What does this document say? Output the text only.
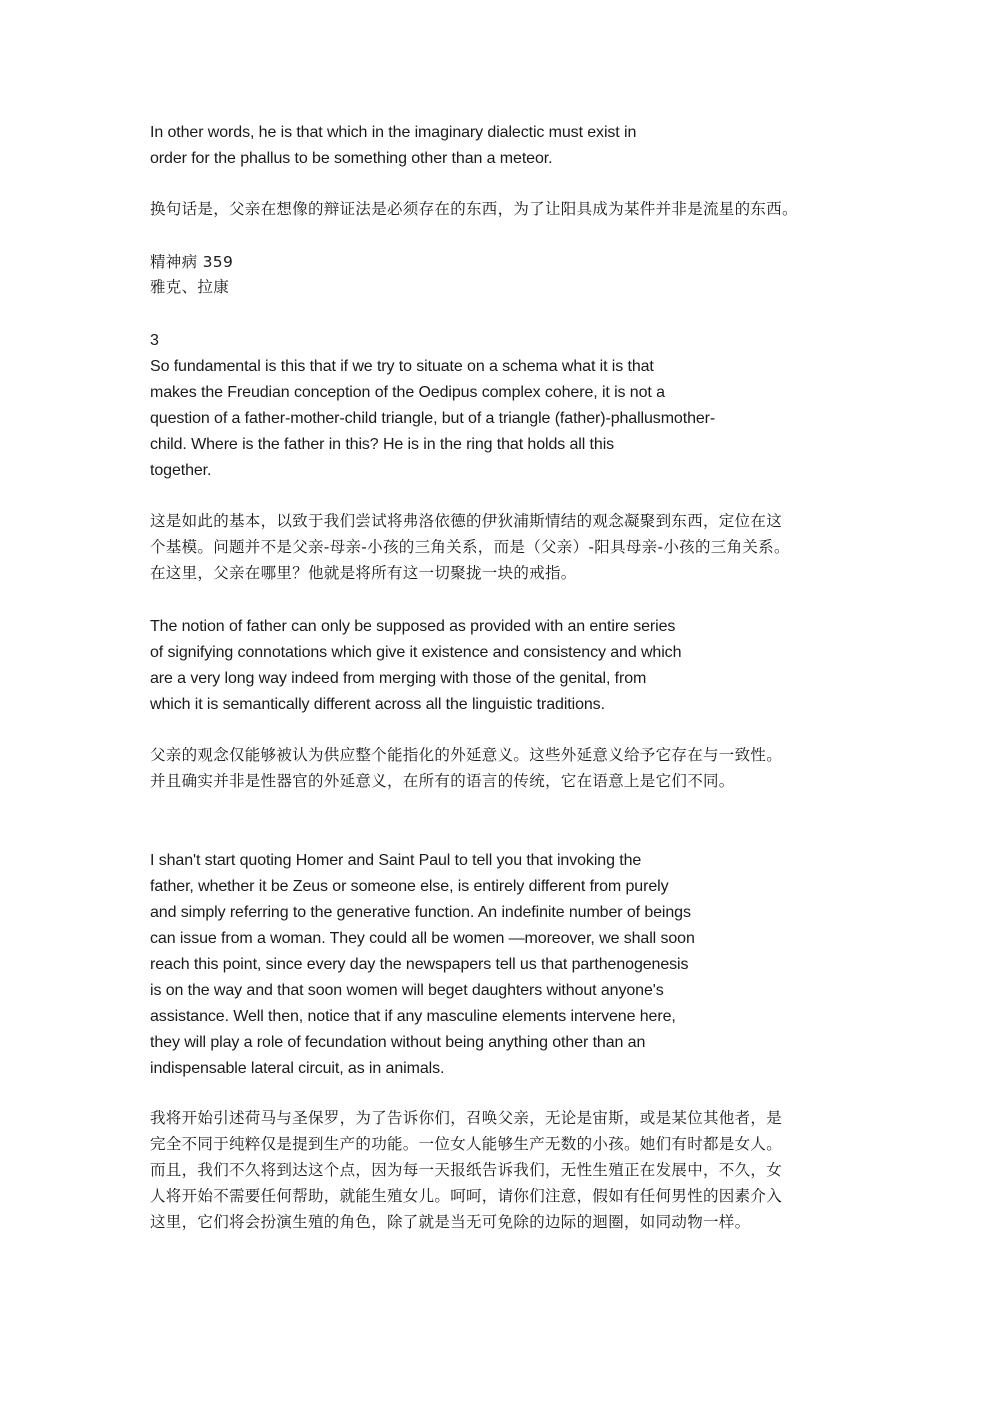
In other words, he is that which in the imaginary dialectic must exist in

order for the phallus to be something other than a meteor.

换句话是，父亲在想像的辩证法是必须存在的东西，为了让阳具成为某件并非是流星的东西。

精神病 359

雅克、拉康

3

So fundamental is this that if we try to situate on a schema what it is that

makes the Freudian conception of the Oedipus complex cohere, it is not a

question of a father-mother-child triangle, but of a triangle (father)-phallusmother-

child. Where is the father in this? He is in the ring that holds all this

together.

这是如此的基本，以致于我们尝试将弗洛依德的伊狄浦斯情结的观念凝聚到东西，定位在这

个基模。问题并不是父亲-母亲-小孩的三角关系，而是（父亲）-阳具母亲-小孩的三角关系。

在这里，父亲在哪里？他就是将所有这一切聚拢一块的戒指。

The notion of father can only be supposed as provided with an entire series

of signifying connotations which give it existence and consistency and which

are a very long way indeed from merging with those of the genital, from

which it is semantically different across all the linguistic traditions.

父亲的观念仅能够被认为供应整个能指化的外延意义。这些外延意义给予它存在与一致性。

并且确实并非是性器官的外延意义，在所有的语言的传统，它在语意上是它们不同。

I shan't start quoting Homer and Saint Paul to tell you that invoking the

father, whether it be Zeus or someone else, is entirely different from purely

and simply referring to the generative function. An indefinite number of beings

can issue from a woman. They could all be women —moreover, we shall soon

reach this point, since every day the newspapers tell us that parthenogenesis

is on the way and that soon women will beget daughters without anyone's

assistance. Well then, notice that if any masculine elements intervene here,

they will play a role of fecundation without being anything other than an

indispensable lateral circuit, as in animals.

我将开始引述荷马与圣保罗，为了告诉你们，召唤父亲，无论是宙斯，或是某位其他者，是

完全不同于纯粹仅是提到生产的功能。一位女人能够生产无数的小孩。她们有时都是女人。

而且，我们不久将到达这个点，因为每一天报纸告诉我们，无性生殖正在发展中，不久，女

人将开始不需要任何帮助，就能生殖女儿。呵呵，请你们注意，假如有任何男性的因素介入

这里，它们将会扮演生殖的角色，除了就是当无可免除的边际的迴圈，如同动物一样。
